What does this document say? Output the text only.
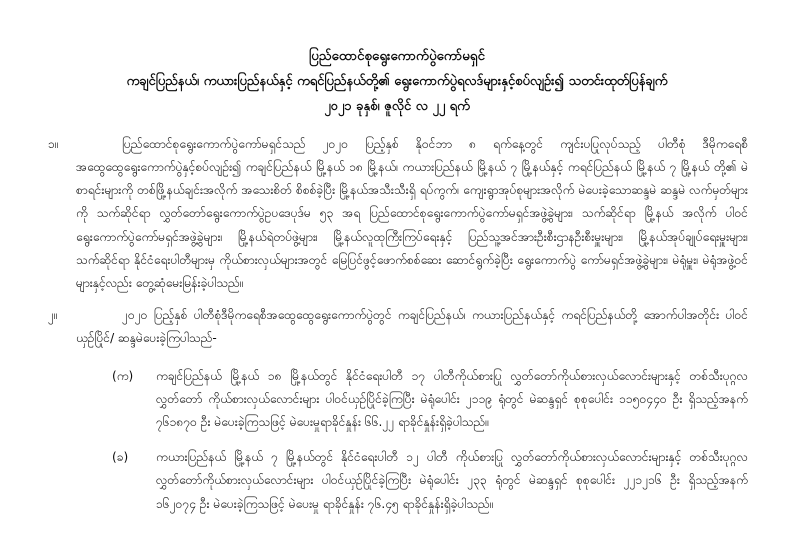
ပြည်ထောင်စုရွေးကောက်ပွဲကော်မရှင်
ကချင်ပြည်နယ်၊ ကယားပြည်နယ်နှင့် ကရင်ပြည်နယ်တို့၏ ရွေးကောက်ပွဲရလဒ်များနှင့်စပ်လျဉ်း၍ သတင်းထုတ်ပြန်ချက်
၂၀၂၁ ခုနှစ်၊ ဇူလိုင် လ ၂၂ ရက်
၁။	ပြည်ထောင်စုရွေးကောက်ပွဲကော်မရှင်သည် ၂၀၂၀ ပြည့်နှစ် နိုဝင်ဘာ ၈ ရက်နေ့တွင် ကျင်းပပြုလုပ်သည့် ပါတီစုံ ဒီမိုကရေစီ အထွေထွေရွေးကောက်ပွဲနှင့်စပ်လျဉ်း၍ ကချင်ပြည်နယ် မြို့နယ် ၁၈ မြို့နယ်၊ ကယားပြည်နယ် မြို့နယ် ၇ မြို့နယ်နှင့် ကရင်ပြည်နယ် မြို့နယ် ၇ မြို့နယ် တို့၏ မဲစာရင်းများကို တစ်ဖြို့နယ်ချင်းအလိုက် အသေးစိတ် စိစစ်ခဲ့ပြီး မြို့နယ်အသီးသီးရှိ ရပ်ကွက်၊ ကျေးရွာအုပ်စုများအလိုက် မဲပေးခဲ့သောဆန္ဒမဲ ဆန္ဒမဲ လက်မှတ်များကို သက်ဆိုင်ရာ လွှတ်တော်ရွေးကောက်ပွဲဥပဒေပုဒ်မ ၅၃ အရ ပြည်ထောင်စုရွေးကောက်ပွဲကော်မရှင်အဖွဲ့ခွဲများ၊ သက်ဆိုင်ရာ မြို့နယ် အလိုက် ပါဝင် ရွေးကောက်ပွဲကော်မရှင်အဖွဲ့ခွဲများ၊ မြို့နယ်ရဲတပ်ဖွဲ့များ၊ မြို့နယ်လူထုကြီးကြပ်ရေးနှင့် ပြည်သူ့အင်အားဦးစီးဌာနဦးစီးမှူးများ၊ မြို့နယ်အုပ်ချုပ်ရေးမှူးများ၊ သက်ဆိုင်ရာ နိုင်ငံရေးပါတီများမှ ကိုယ်စားလှယ်များအတွင် မြေပြင်ဖွင့်ဖောက်စစ်ဆေး ဆောင်ရွက်ခဲ့ပြီး ရွေးကောက်ပွဲ ကော်မရှင်အဖွဲ့ခွဲများ၊ မဲရုံမှူး၊ မဲရုံအဖွဲ့ဝင်များနှင့်လည်း တွေ့ဆုံမေးမြန်းခဲ့ပါသည်။
၂။	၂၀၂၀ ပြည့်နှစ် ပါတီစုံဒီမိုကရေစီအထွေထွေရွေးကောက်ပွဲတွင် ကချင်ပြည်နယ်၊ ကယားပြည်နယ်နှင့် ကရင်ပြည်နယ်တို့ အောက်ပါအတိုင်း ပါဝင်ယှဉ်ပြိုင်/ ဆန္ဒမဲပေးခဲ့ကြပါသည်-
(က)	ကချင်ပြည်နယ် မြို့နယ် ၁၈ မြို့နယ်တွင် နိုင်ငံရေးပါတီ ၁၇ ပါတီကိုယ်စားပြု လွှတ်တော်ကိုယ်စားလှယ်လောင်းများနှင့် တစ်သီးပုဂ္ဂလလွှတ်တော် ကိုယ်စားလှယ်လောင်းများ ပါဝင်ယှဉ်ပြိုင်ခဲ့ကြပြီး မဲရုံပေါင်း ၂၁၁၉ ရုံတွင် မဲဆန္ဒရှင် စုစုပေါင်း ၁၁၅၀၄၄၀ ဦး ရှိသည့်အနက် ၇၆၁၈၇၀ ဦး မဲပေးခဲ့ကြသဖြင့် မဲပေးမှုရာခိုင်နှုန်း ၆၆.၂၂ ရာခိုင်နှုန်းရှိခဲ့ပါသည်။
(ခ)	ကယားပြည်နယ် မြို့နယ် ၇ မြို့နယ်တွင် နိုင်ငံရေးပါတီ ၁၂ ပါတီ ကိုယ်စားပြု လွှတ်တော်ကိုယ်စားလှယ်လောင်းများနှင့် တစ်သီးပုဂ္ဂလလွှတ်တော်ကိုယ်စားလှယ်လောင်းများ ပါဝင်ယှဉ်ပြိုင်ခဲ့ကြပြီး မဲရုံပေါင်း ၂၃၃ ရုံတွင် မဲဆန္ဒရှင် စုစုပေါင်း ၂၂၁၂၁၆ ဦး ရှိသည့်အနက် ၁၆၂၀၇၄ ဦး မဲပေးခဲ့ကြသဖြင့် မဲပေးမှု ရာခိုင်နှုန်း ၇၆.၄၅ ရာခိုင်နှုန်းရှိခဲ့ပါသည်။
